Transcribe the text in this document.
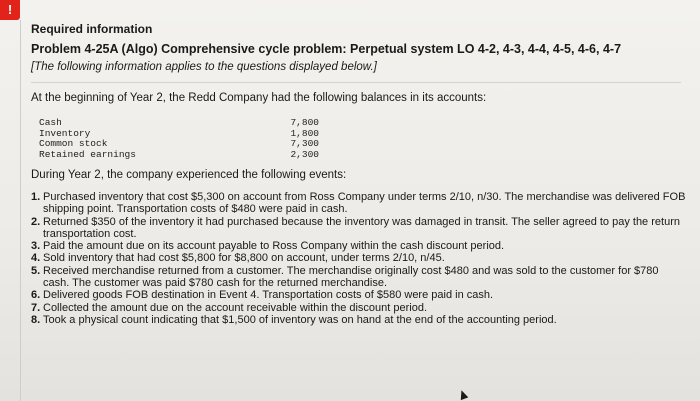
!

Required information

Problem 4-25A (Algo) Comprehensive cycle problem: Perpetual system LO 4-2, 4-3, 4-4, 4-5, 4-6, 4-7

[The following information applies to the questions displayed below.]

At the beginning of Year 2, the Redd Company had the following balances in its accounts:

Cash	7,800
Inventory	1,800
Common stock	7,300
Retained earnings	2,300

During Year 2, the company experienced the following events:

1. Purchased inventory that cost $5,300 on account from Ross Company under terms 2/10, n/30. The merchandise was delivered FOB shipping point. Transportation costs of $480 were paid in cash.
2. Returned $350 of the inventory it had purchased because the inventory was damaged in transit. The seller agreed to pay the return transportation cost.
3. Paid the amount due on its account payable to Ross Company within the cash discount period.
4. Sold inventory that had cost $5,800 for $8,800 on account, under terms 2/10, n/45.
5. Received merchandise returned from a customer. The merchandise originally cost $480 and was sold to the customer for $780 cash. The customer was paid $780 cash for the returned merchandise.
6. Delivered goods FOB destination in Event 4. Transportation costs of $580 were paid in cash.
7. Collected the amount due on the account receivable within the discount period.
8. Took a physical count indicating that $1,500 of inventory was on hand at the end of the accounting period.
